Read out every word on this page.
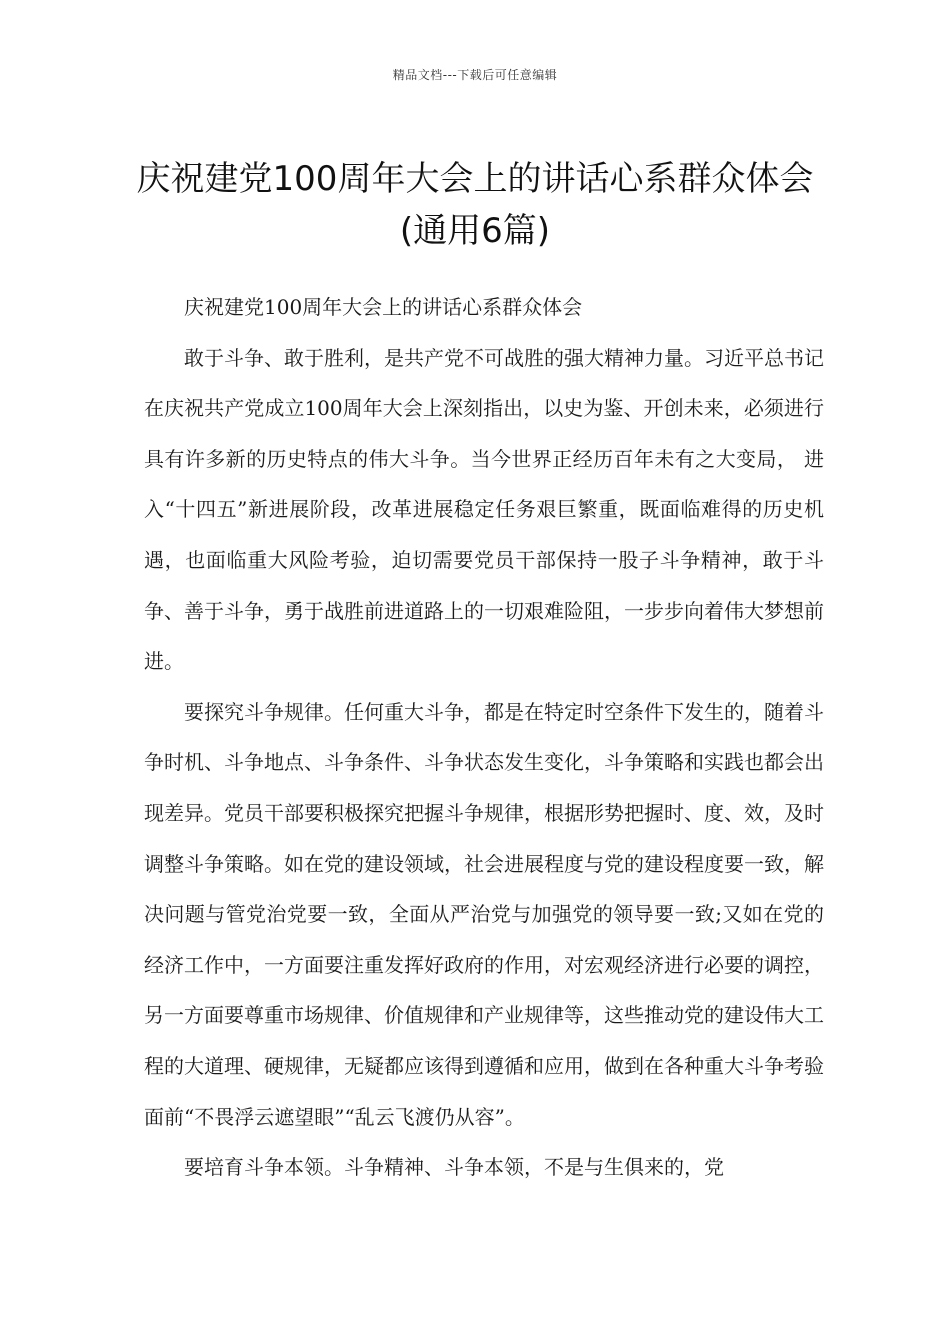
精品文档---下载后可任意编辑
庆祝建党100周年大会上的讲话心系群众体会(通用6篇)

庆祝建党100周年大会上的讲话心系群众体会

敢于斗争、敢于胜利，是共产党不可战胜的强大精神力量。习近平总书记在庆祝共产党成立100周年大会上深刻指出，以史为鉴、开创未来，必须进行具有许多新的历史特点的伟大斗争。当今世界正经历百年未有之大变局， 进入“十四五”新进展阶段，改革进展稳定任务艰巨繁重，既面临难得的历史机遇，也面临重大风险考验，迫切需要党员干部保持一股子斗争精神，敢于斗争、善于斗争，勇于战胜前进道路上的一切艰难险阻，一步步向着伟大梦想前进。

要探究斗争规律。任何重大斗争，都是在特定时空条件下发生的，随着斗争时机、斗争地点、斗争条件、斗争状态发生变化，斗争策略和实践也都会出现差异。党员干部要积极探究把握斗争规律，根据形势把握时、度、效，及时调整斗争策略。如在党的建设领域，社会进展程度与党的建设程度要一致，解决问题与管党治党要一致，全面从严治党与加强党的领导要一致;又如在党的经济工作中，一方面要注重发挥好政府的作用，对宏观经济进行必要的调控，另一方面要尊重市场规律、价值规律和产业规律等，这些推动党的建设伟大工程的大道理、硬规律，无疑都应该得到遵循和应用，做到在各种重大斗争考验面前“不畏浮云遮望眼”“乱云飞渡仍从容”。

要培育斗争本领。斗争精神、斗争本领，不是与生俱来的，党
